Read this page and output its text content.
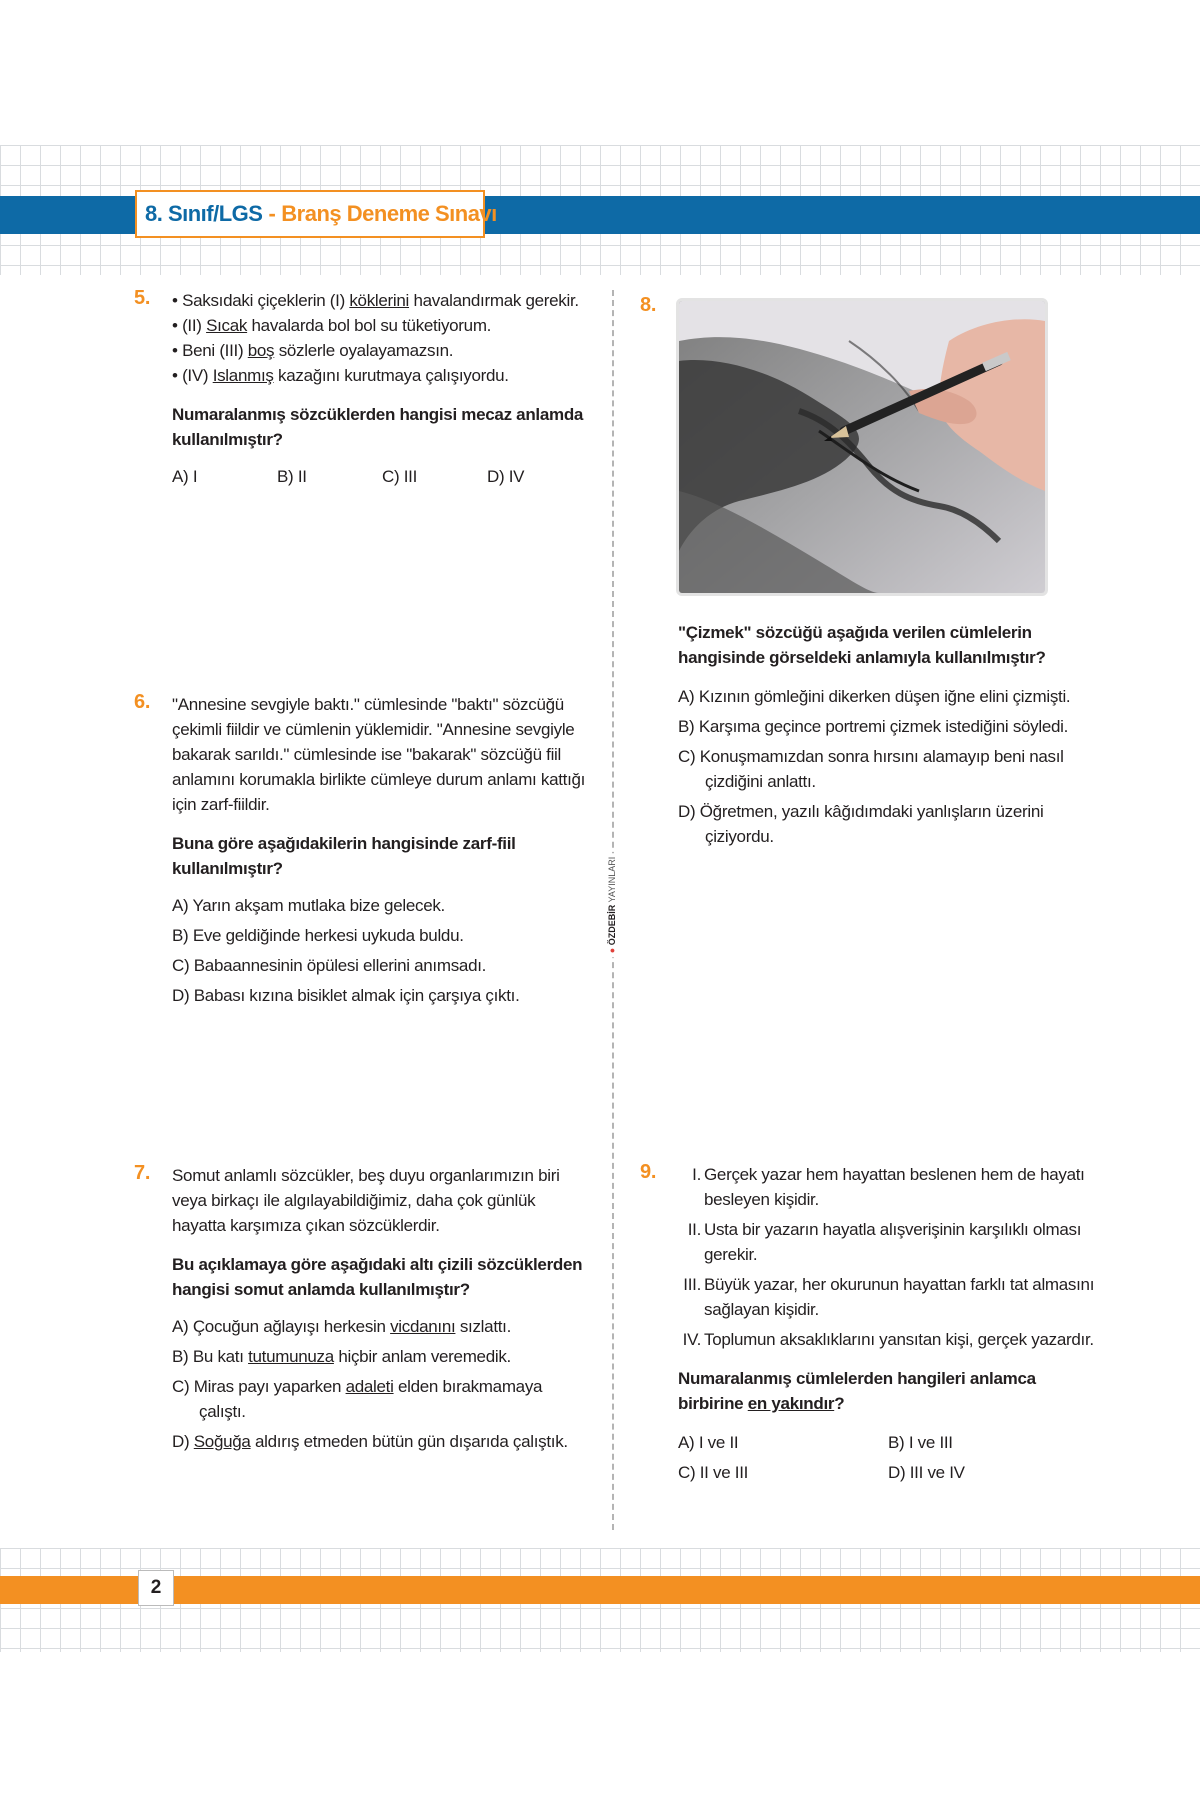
8. Sınıf/LGS - Branş Deneme Sınavı
2
● ÖZDEBİR YAYINLARI
5. • Saksıdaki çiçeklerin (I) köklerini havalandırmak gerekir.

• (II) Sıcak havalarda bol bol su tüketiyorum.

• Beni (III) boş sözlerle oyalayamazsın.

• (IV) Islanmış kazağını kurutmaya çalışıyordu.

Numaralanmış sözcüklerden hangisi mecaz anlamda kullanılmıştır?

A) I	B) II	C) III	D) IV
6. "Annesine sevgiyle baktı." cümlesinde "baktı" sözcüğü çekimli fiildir ve cümlenin yüklemidir. "Annesine sevgiyle bakarak sarıldı." cümlesinde ise "bakarak" sözcüğü fiil anlamını korumakla birlikte cümleye durum anlamı kattığı için zarf-fiildir.

Buna göre aşağıdakilerin hangisinde zarf-fiil kullanılmıştır?

A) Yarın akşam mutlaka bize gelecek.

B) Eve geldiğinde herkesi uykuda buldu.

C) Babaannesinin öpülesi ellerini anımsadı.

D) Babası kızına bisiklet almak için çarşıya çıktı.

7. Somut anlamlı sözcükler, beş duyu organlarımızın biri veya birkaçı ile algılayabildiğimiz, daha çok günlük hayatta karşımıza çıkan sözcüklerdir.

Bu açıklamaya göre aşağıdaki altı çizili sözcüklerden hangisi somut anlamda kullanılmıştır?

A) Çocuğun ağlayışı herkesin vicdanını sızlattı.

B) Bu katı tutumunuza hiçbir anlam veremedik.

C) Miras payı yaparken adaleti elden bırakmamaya çalıştı.

D) Soğuğa aldırış etmeden bütün gün dışarıda çalıştık.

8.

"Çizmek" sözcüğü aşağıda verilen cümlelerin hangisinde görseldeki anlamıyla kullanılmıştır?

A) Kızının gömleğini dikerken düşen iğne elini çizmişti.

B) Karşıma geçince portremi çizmek istediğini söyledi.

C) Konuşmamızdan sonra hırsını alamayıp beni nasıl çizdiğini anlattı.

D) Öğretmen, yazılı kâğıdımdaki yanlışların üzerini çiziyordu.

9.	I. Gerçek yazar hem hayattan beslenen hem de hayatı besleyen kişidir.

II. Usta bir yazarın hayatla alışverişinin karşılıklı olması gerekir.

III. Büyük yazar, her okurunun hayattan farklı tat almasını sağlayan kişidir.

IV. Toplumun aksaklıklarını yansıtan kişi, gerçek yazardır.

Numaralanmış cümlelerden hangileri anlamca birbirine en yakındır?

A) I ve II	B) I ve III
C) II ve III	D) III ve IV
